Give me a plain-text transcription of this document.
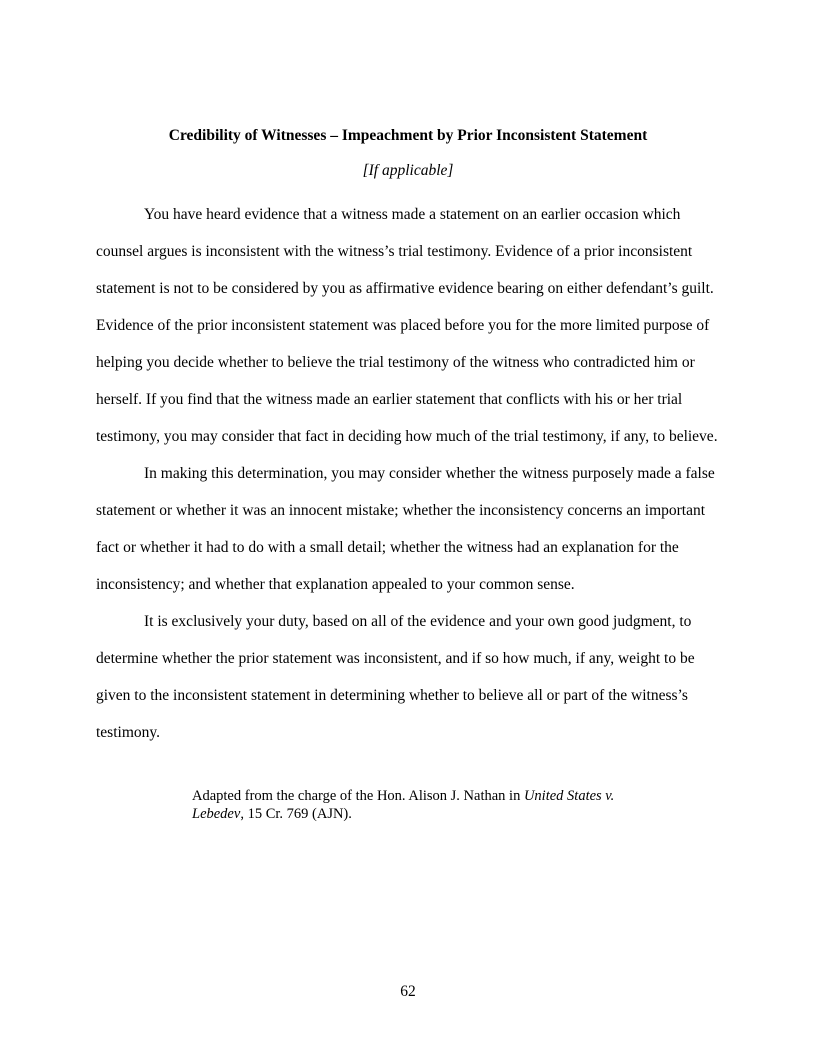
Credibility of Witnesses – Impeachment by Prior Inconsistent Statement
[If applicable]

You have heard evidence that a witness made a statement on an earlier occasion which counsel argues is inconsistent with the witness’s trial testimony. Evidence of a prior inconsistent statement is not to be considered by you as affirmative evidence bearing on either defendant’s guilt. Evidence of the prior inconsistent statement was placed before you for the more limited purpose of helping you decide whether to believe the trial testimony of the witness who contradicted him or herself. If you find that the witness made an earlier statement that conflicts with his or her trial testimony, you may consider that fact in deciding how much of the trial testimony, if any, to believe.

In making this determination, you may consider whether the witness purposely made a false statement or whether it was an innocent mistake; whether the inconsistency concerns an important fact or whether it had to do with a small detail; whether the witness had an explanation for the inconsistency; and whether that explanation appealed to your common sense.

It is exclusively your duty, based on all of the evidence and your own good judgment, to determine whether the prior statement was inconsistent, and if so how much, if any, weight to be given to the inconsistent statement in determining whether to believe all or part of the witness’s testimony.

Adapted from the charge of the Hon. Alison J. Nathan in United States v. Lebedev, 15 Cr. 769 (AJN).
62
